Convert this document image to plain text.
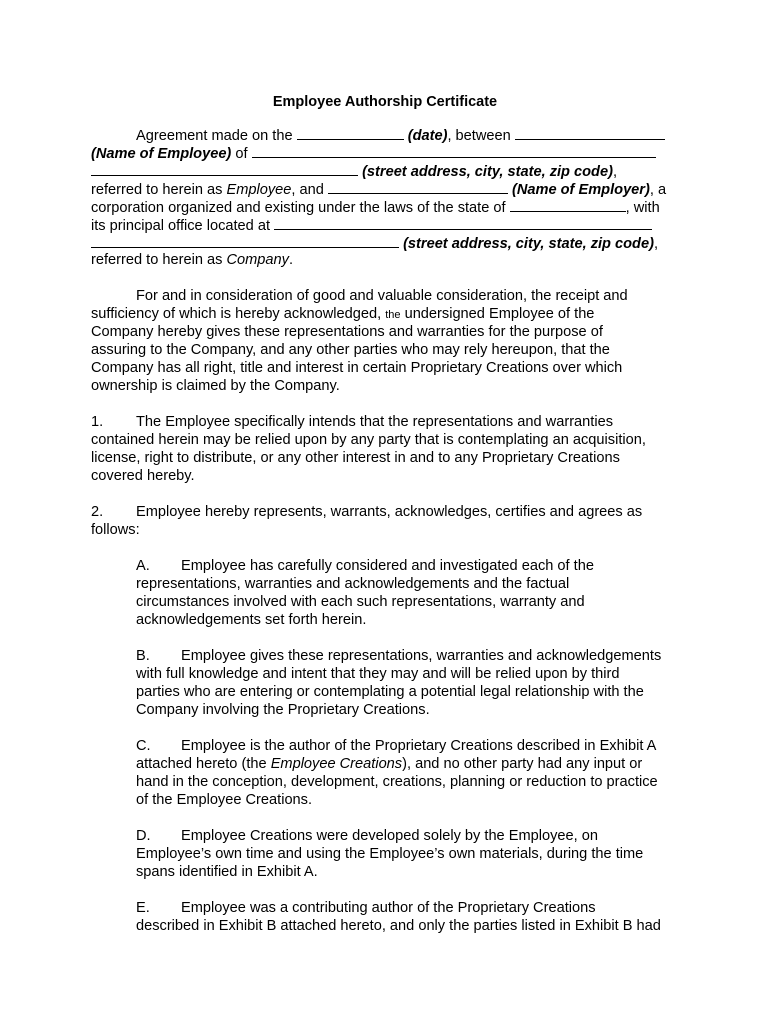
Employee Authorship Certificate
Agreement made on the	(date), between
(Name of Employee) of
(street address, city, state, zip code),
referred to herein as Employee, and	(Name of Employer), a
corporation organized and existing under the laws of the state of	, with
its principal office located at
(street address, city, state, zip code),
referred to herein as Company.
For and in consideration of good and valuable consideration, the receipt and
sufficiency of which is hereby acknowledged, the undersigned Employee of the
Company hereby gives these representations and warranties for the purpose of
assuring to the Company, and any other parties who may rely hereupon, that the
Company has all right, title and interest in certain Proprietary Creations over which
ownership is claimed by the Company.
1. The Employee specifically intends that the representations and warranties
contained herein may be relied upon by any party that is contemplating an acquisition,
license, right to distribute, or any other interest in and to any Proprietary Creations
covered hereby.
2. Employee hereby represents, warrants, acknowledges, certifies and agrees as
follows:
A. Employee has carefully considered and investigated each of the
representations, warranties and acknowledgements and the factual
circumstances involved with each such representations, warranty and
acknowledgements set forth herein.
B. Employee gives these representations, warranties and acknowledgements
with full knowledge and intent that they may and will be relied upon by third
parties who are entering or contemplating a potential legal relationship with the
Company involving the Proprietary Creations.
C. Employee is the author of the Proprietary Creations described in Exhibit A
attached hereto (the Employee Creations), and no other party had any input or
hand in the conception, development, creations, planning or reduction to practice
of the Employee Creations.
D. Employee Creations were developed solely by the Employee, on
Employee’s own time and using the Employee’s own materials, during the time
spans identified in Exhibit A.
E. Employee was a contributing author of the Proprietary Creations
described in Exhibit B attached hereto, and only the parties listed in Exhibit B had
